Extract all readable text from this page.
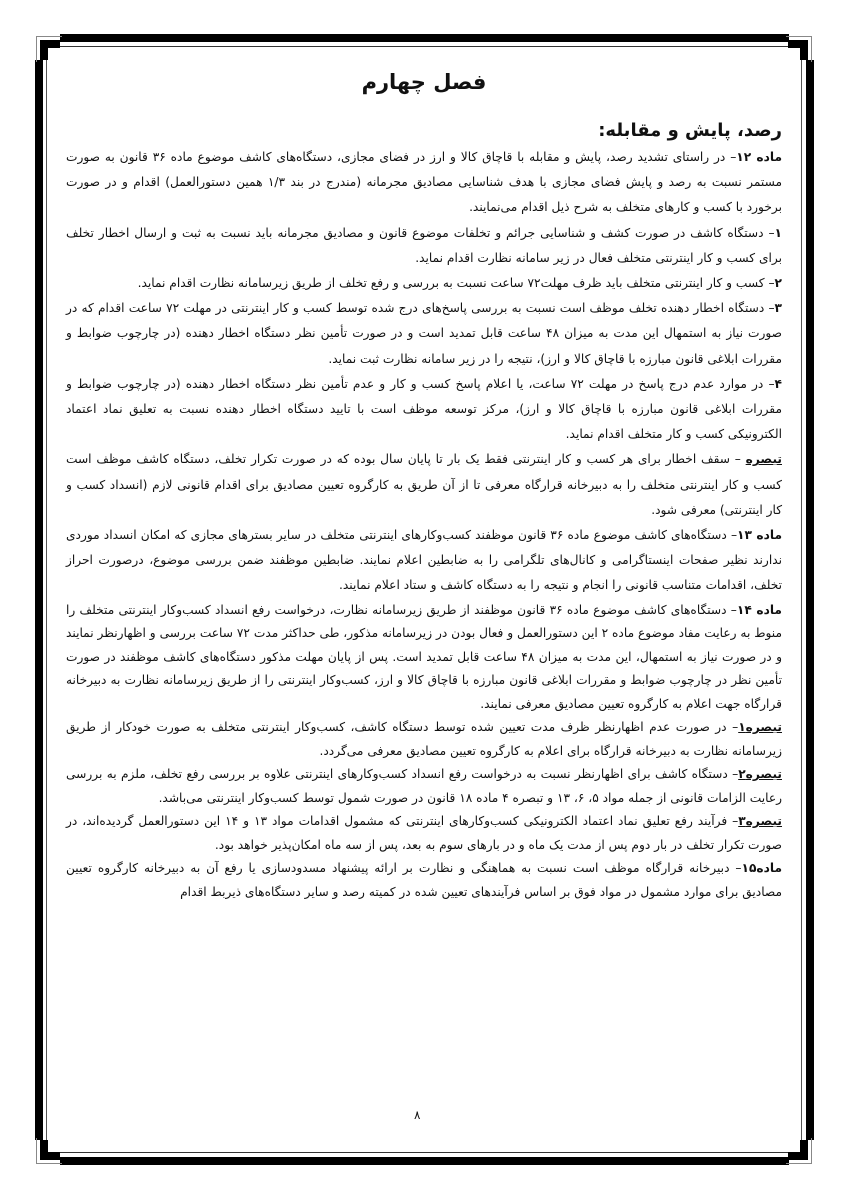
فصل چهارم
رصد، پایش و مقابله:

ماده ۱۲– در راستای تشدید رصد، پایش و مقابله با قاچاق کالا و ارز در فضای مجازی، دستگاه‌های کاشف موضوع ماده ۳۶ قانون به صورت مستمر نسبت به رصد و پایش فضای مجازی با هدف شناسایی مصادیق مجرمانه (مندرج در بند ۱/۳ همین دستورالعمل) اقدام و در صورت برخورد با کسب و کارهای متخلف به شرح ذیل اقدام می‌نمایند.

۱– دستگاه کاشف در صورت کشف و شناسایی جرائم و تخلفات موضوع قانون و مصادیق مجرمانه باید نسبت به ثبت و ارسال اخطار تخلف برای کسب و کار اینترنتی متخلف فعال در زیر سامانه نظارت اقدام نماید.

۲– کسب و کار اینترنتی متخلف باید ظرف مهلت۷۲ ساعت نسبت به بررسی و رفع تخلف از طریق زیرسامانه نظارت اقدام نماید.

۳– دستگاه اخطار دهنده تخلف موظف است نسبت به بررسی پاسخ‌های درج شده توسط کسب و کار اینترنتی در مهلت ۷۲ ساعت اقدام که در صورت نیاز به استمهال این مدت به میزان ۴۸ ساعت قابل تمدید است و در صورت تأمین نظر دستگاه اخطار دهنده (در چارچوب ضوابط و مقررات ابلاغی قانون مبارزه با قاچاق کالا و ارز)، نتیجه را در زیر سامانه نظارت ثبت نماید.

۴– در موارد عدم درج پاسخ در مهلت ۷۲ ساعت، یا اعلام پاسخ کسب و کار و عدم تأمین نظر دستگاه اخطار دهنده (در چارچوب ضوابط و مقررات ابلاغی قانون مبارزه با قاچاق کالا و ارز)، مرکز توسعه موظف است با تایید دستگاه اخطار دهنده نسبت به تعلیق نماد اعتماد الکترونیکی کسب و کار متخلف اقدام نماید.

تبصره – سقف اخطار برای هر کسب و کار اینترنتی فقط یک بار تا پایان سال بوده که در صورت تکرار تخلف، دستگاه کاشف موظف است کسب و کار اینترنتی متخلف را به دبیرخانه قرارگاه معرفی تا از آن طریق به کارگروه تعیین مصادیق برای اقدام قانونی لازم (انسداد کسب و کار اینترنتی) معرفی شود.

ماده ۱۳– دستگاه‌های کاشف موضوع ماده ۳۶ قانون موظفند کسب‌وکارهای اینترنتی متخلف در سایر بسترهای مجازی که امکان انسداد موردی ندارند نظیر صفحات اینستاگرامی و کانال‌های تلگرامی را به ضابطین اعلام نمایند. ضابطین موظفند ضمن بررسی موضوع، درصورت احراز تخلف، اقدامات متناسب قانونی را انجام و نتیجه را به دستگاه کاشف و ستاد اعلام نمایند.

ماده ۱۴– دستگاه‌های کاشف موضوع ماده ۳۶ قانون موظفند از طریق زیرسامانه نظارت، درخواست رفع انسداد کسب‌وکار اینترنتی متخلف را منوط به رعایت مفاد موضوع ماده ۲ این دستورالعمل و فعال بودن در زیرسامانه مذکور، طی حداکثر مدت ۷۲ ساعت بررسی و اظهارنظر نمایند و در صورت نیاز به استمهال، این مدت به میزان ۴۸ ساعت قابل تمدید است. پس از پایان مهلت مذکور دستگاه‌های کاشف موظفند در صورت تأمین نظر در چارچوب ضوابط و مقررات ابلاغی قانون مبارزه با قاچاق کالا و ارز، کسب‌وکار اینترنتی را از طریق زیرسامانه نظارت به دبیرخانه قرارگاه جهت اعلام به کارگروه تعیین مصادیق معرفی نمایند.

تبصره۱– در صورت عدم اظهارنظر ظرف مدت تعیین شده توسط دستگاه کاشف، کسب‌وکار اینترنتی متخلف به صورت خودکار از طریق زیرسامانه نظارت به دبیرخانه قرارگاه برای اعلام به کارگروه تعیین مصادیق معرفی می‌گردد.

تبصره۲– دستگاه کاشف برای اظهارنظر نسبت به درخواست رفع انسداد کسب‌وکارهای اینترنتی علاوه بر بررسی رفع تخلف، ملزم به بررسی رعایت الزامات قانونی از جمله مواد ۵، ۶، ۱۳ و تبصره ۴ ماده ۱۸ قانون در صورت شمول توسط کسب‌وکار اینترنتی می‌باشد.

تبصره۳– فرآیند رفع تعلیق نماد اعتماد الکترونیکی کسب‌وکارهای اینترنتی که مشمول اقدامات مواد ۱۳ و ۱۴ این دستورالعمل گردیده‌اند، در صورت تکرار تخلف در بار دوم پس از مدت یک ماه و در بارهای سوم به بعد، پس از سه ماه امکان‌پذیر خواهد بود.

ماده۱۵– دبیرخانه قرارگاه موظف است نسبت به هماهنگی و نظارت بر ارائه پیشنهاد مسدودسازی یا رفع آن به دبیرخانه کارگروه تعیین مصادیق برای موارد مشمول در مواد فوق بر اساس فرآیندهای تعیین شده در کمیته رصد و سایر دستگاه‌های ذیربط اقدام

۸
